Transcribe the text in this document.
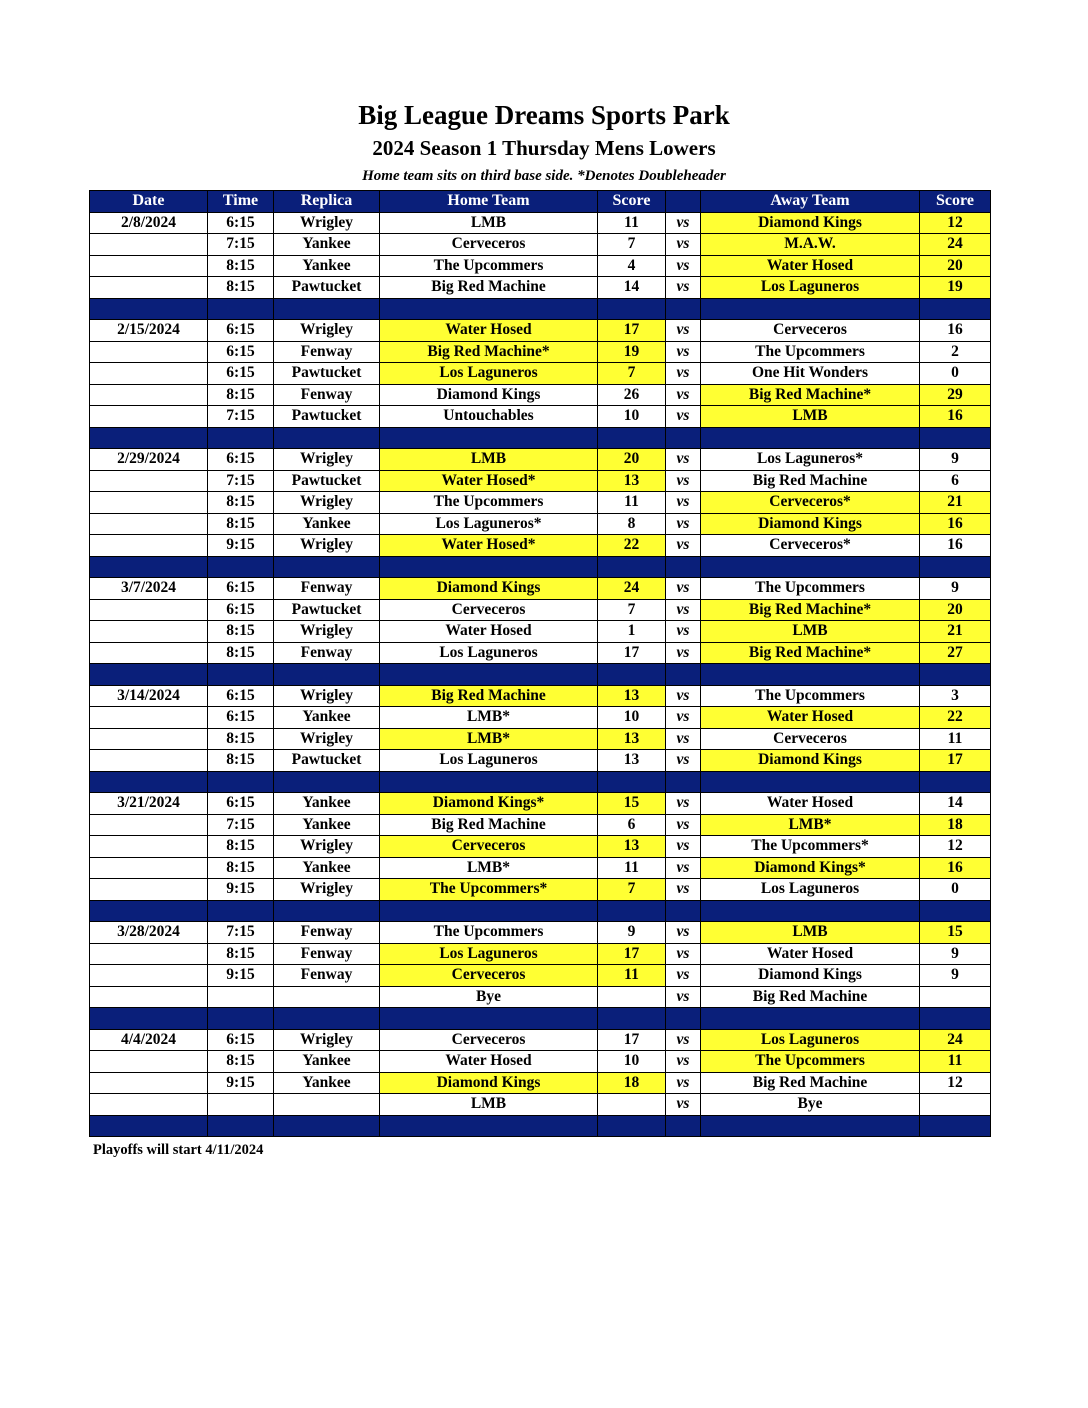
Big League Dreams Sports Park
2024 Season 1 Thursday Mens Lowers
Home team sits on third base side. *Denotes Doubleheader
Date	Time	Replica	Home Team	Score		Away Team	Score
2/8/2024	6:15	Wrigley	LMB	11	vs	Diamond Kings	12
	7:15	Yankee	Cerveceros	7	vs	M.A.W.	24
	8:15	Yankee	The Upcommers	4	vs	Water Hosed	20
	8:15	Pawtucket	Big Red Machine	14	vs	Los Laguneros	19

2/15/2024	6:15	Wrigley	Water Hosed	17	vs	Cerveceros	16
	6:15	Fenway	Big Red Machine*	19	vs	The Upcommers	2
	6:15	Pawtucket	Los Laguneros	7	vs	One Hit Wonders	0
	8:15	Fenway	Diamond Kings	26	vs	Big Red Machine*	29
	7:15	Pawtucket	Untouchables	10	vs	LMB	16

2/29/2024	6:15	Wrigley	LMB	20	vs	Los Laguneros*	9
	7:15	Pawtucket	Water Hosed*	13	vs	Big Red Machine	6
	8:15	Wrigley	The Upcommers	11	vs	Cerveceros*	21
	8:15	Yankee	Los Laguneros*	8	vs	Diamond Kings	16
	9:15	Wrigley	Water Hosed*	22	vs	Cerveceros*	16

3/7/2024	6:15	Fenway	Diamond Kings	24	vs	The Upcommers	9
	6:15	Pawtucket	Cerveceros	7	vs	Big Red Machine*	20
	8:15	Wrigley	Water Hosed	1	vs	LMB	21
	8:15	Fenway	Los Laguneros	17	vs	Big Red Machine*	27

3/14/2024	6:15	Wrigley	Big Red Machine	13	vs	The Upcommers	3
	6:15	Yankee	LMB*	10	vs	Water Hosed	22
	8:15	Wrigley	LMB*	13	vs	Cerveceros	11
	8:15	Pawtucket	Los Laguneros	13	vs	Diamond Kings	17

3/21/2024	6:15	Yankee	Diamond Kings*	15	vs	Water Hosed	14
	7:15	Yankee	Big Red Machine	6	vs	LMB*	18
	8:15	Wrigley	Cerveceros	13	vs	The Upcommers*	12
	8:15	Yankee	LMB*	11	vs	Diamond Kings*	16
	9:15	Wrigley	The Upcommers*	7	vs	Los Laguneros	0

3/28/2024	7:15	Fenway	The Upcommers	9	vs	LMB	15
	8:15	Fenway	Los Laguneros	17	vs	Water Hosed	9
	9:15	Fenway	Cerveceros	11	vs	Diamond Kings	9
			Bye		vs	Big Red Machine	

4/4/2024	6:15	Wrigley	Cerveceros	17	vs	Los Laguneros	24
	8:15	Yankee	Water Hosed	10	vs	The Upcommers	11
	9:15	Yankee	Diamond Kings	18	vs	Big Red Machine	12
			LMB		vs	Bye	

Playoffs will start 4/11/2024
